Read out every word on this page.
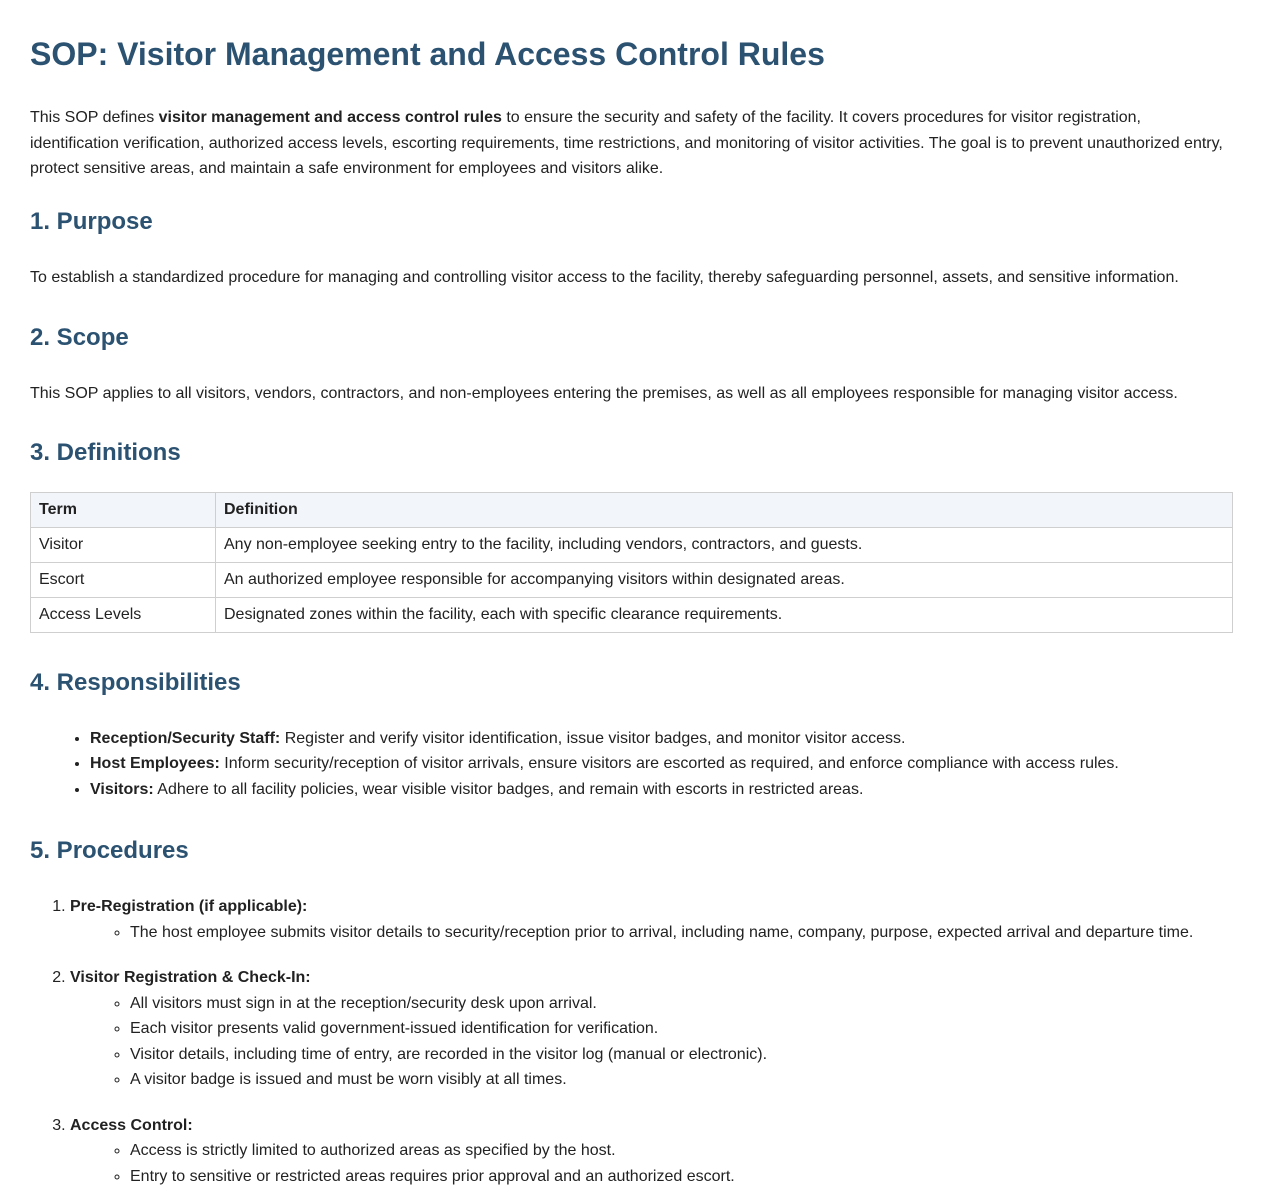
SOP: Visitor Management and Access Control Rules

This SOP defines visitor management and access control rules to ensure the security and safety of the facility. It covers procedures for visitor registration, identification verification, authorized access levels, escorting requirements, time restrictions, and monitoring of visitor activities. The goal is to prevent unauthorized entry, protect sensitive areas, and maintain a safe environment for employees and visitors alike.

1. Purpose

To establish a standardized procedure for managing and controlling visitor access to the facility, thereby safeguarding personnel, assets, and sensitive information.

2. Scope

This SOP applies to all visitors, vendors, contractors, and non-employees entering the premises, as well as all employees responsible for managing visitor access.

3. Definitions
Term	Definition
Visitor	Any non-employee seeking entry to the facility, including vendors, contractors, and guests.
Escort	An authorized employee responsible for accompanying visitors within designated areas.
Access Levels	Designated zones within the facility, each with specific clearance requirements.
4. Responsibilities
• Reception/Security Staff: Register and verify visitor identification, issue visitor badges, and monitor visitor access.
• Host Employees: Inform security/reception of visitor arrivals, ensure visitors are escorted as required, and enforce compliance with access rules.
• Visitors: Adhere to all facility policies, wear visible visitor badges, and remain with escorts in restricted areas.
5. Procedures
1. Pre-Registration (if applicable):
◦ The host employee submits visitor details to security/reception prior to arrival, including name, company, purpose, expected arrival and departure time.
2. Visitor Registration & Check-In:
◦ All visitors must sign in at the reception/security desk upon arrival.
◦ Each visitor presents valid government-issued identification for verification.
◦ Visitor details, including time of entry, are recorded in the visitor log (manual or electronic).
◦ A visitor badge is issued and must be worn visibly at all times.
3. Access Control:
◦ Access is strictly limited to authorized areas as specified by the host.
◦ Entry to sensitive or restricted areas requires prior approval and an authorized escort.
